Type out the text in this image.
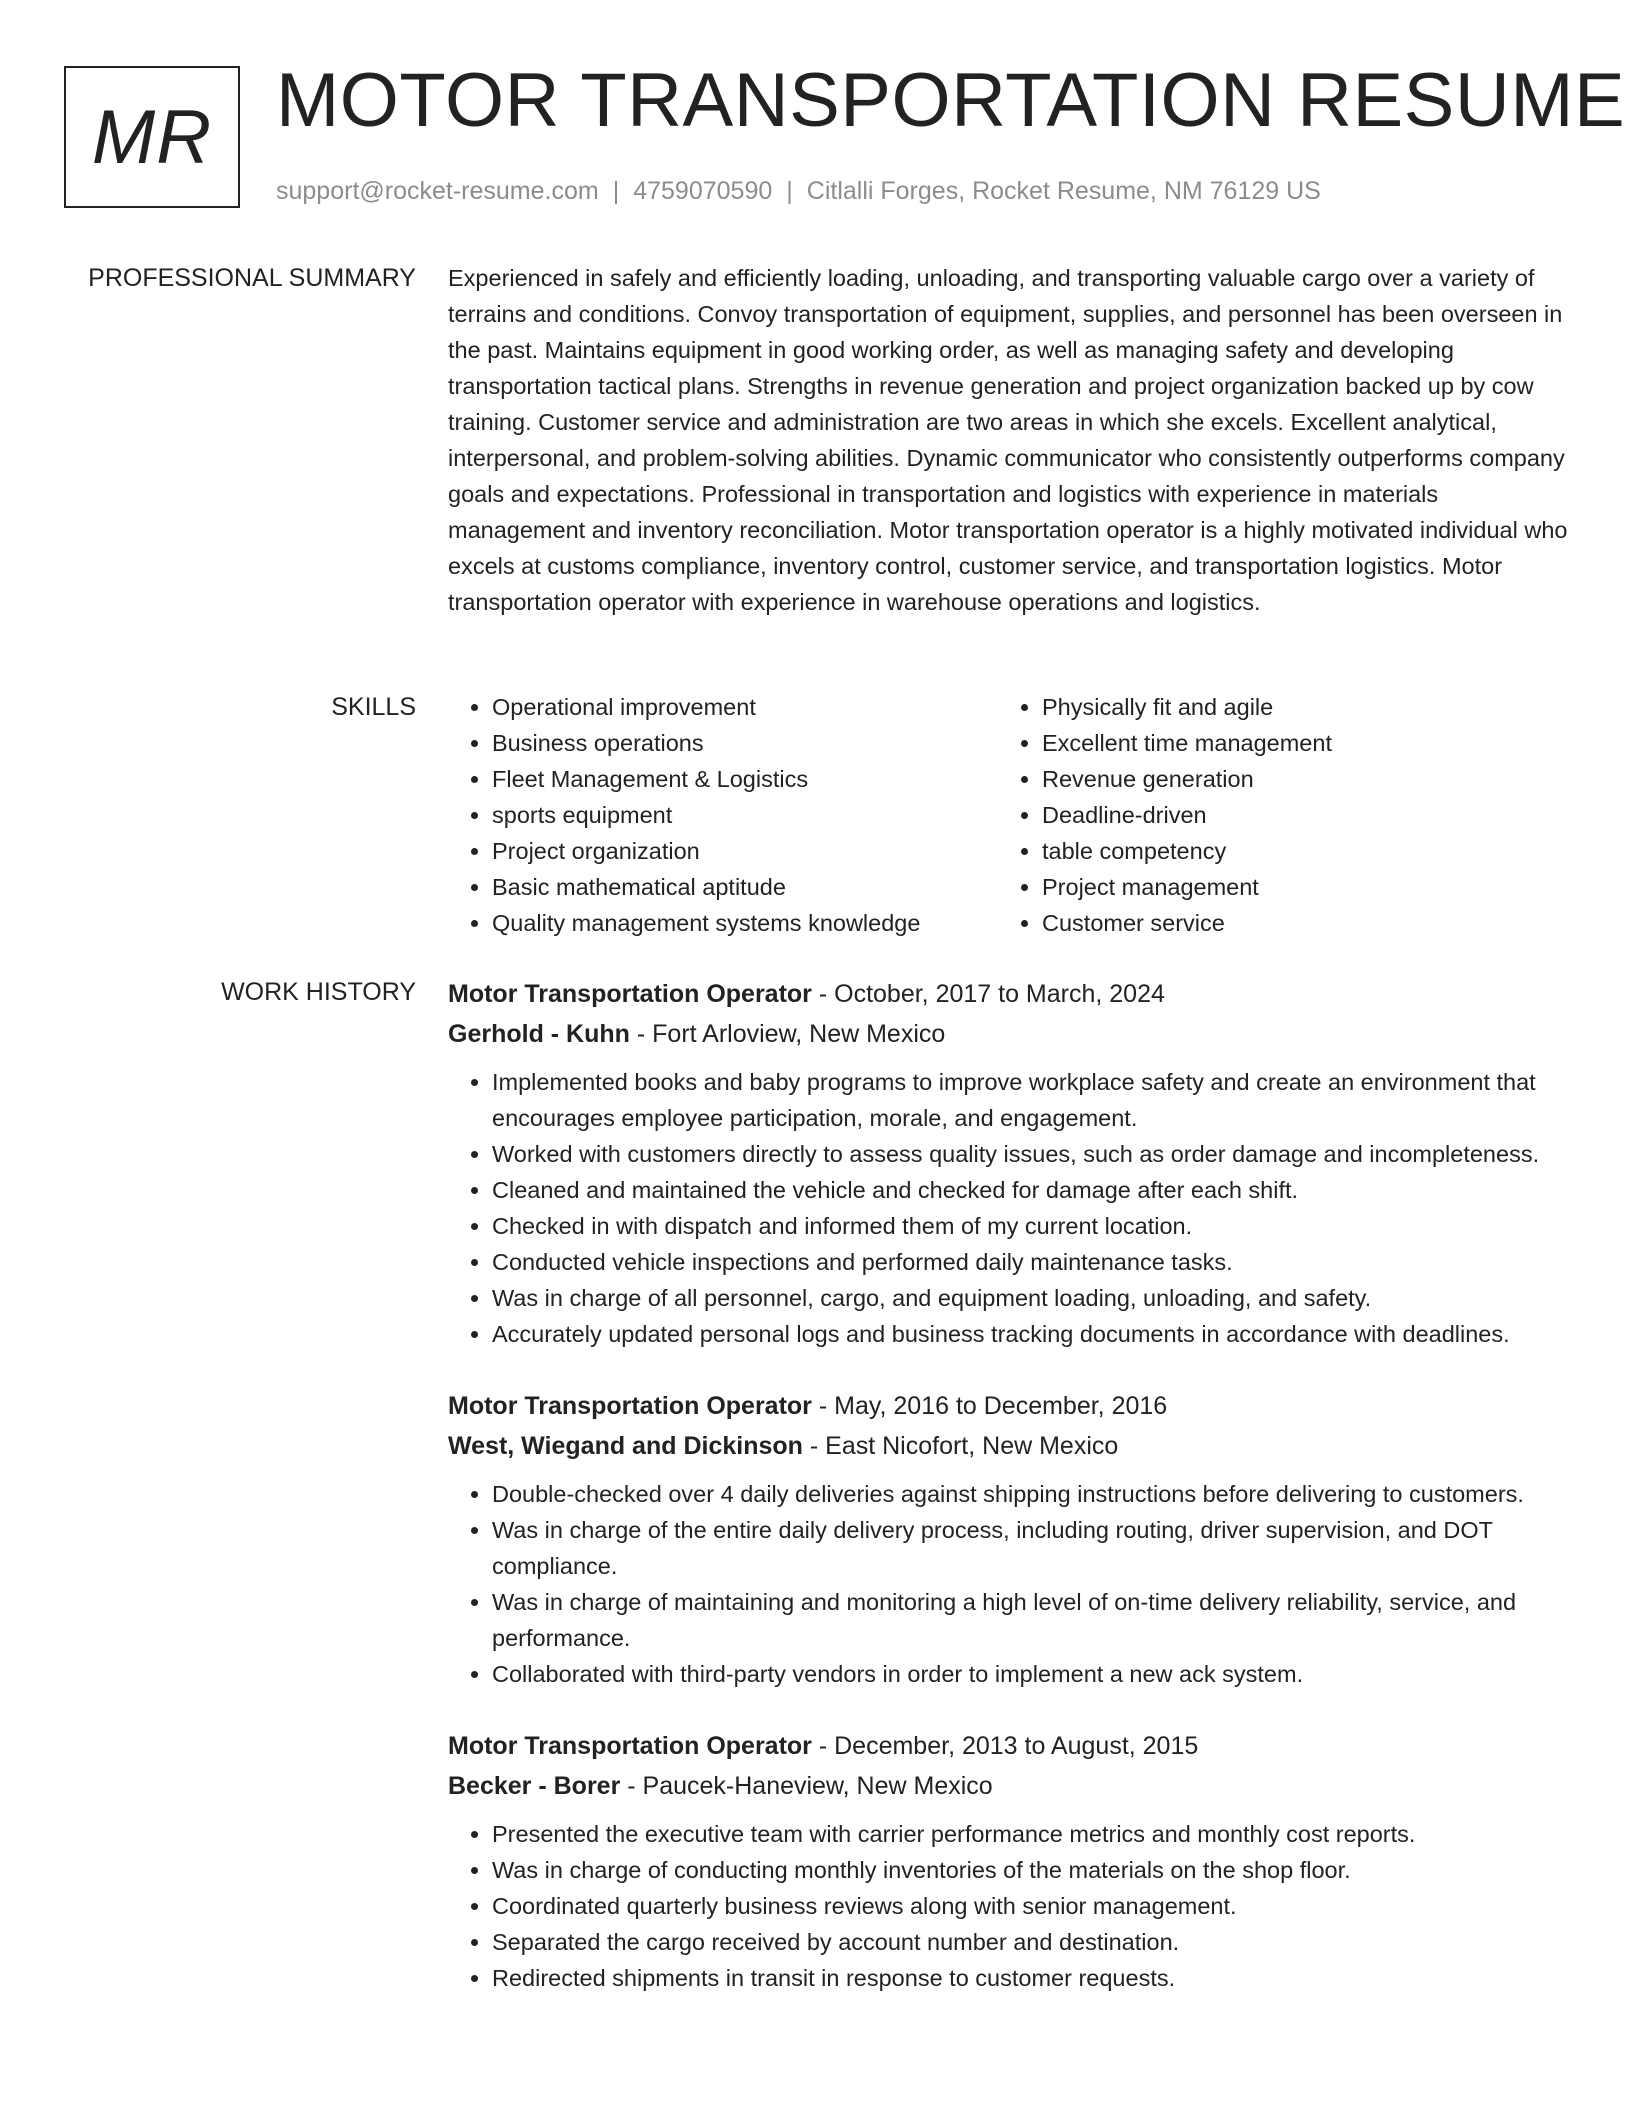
MR MOTOR TRANSPORTATION RESUME
support@rocket-resume.com | 4759070590 | Citlalli Forges, Rocket Resume, NM 76129 US
PROFESSIONAL SUMMARY Experienced in safely and efficiently loading, unloading, and transporting valuable cargo over a variety of terrains and conditions. Convoy transportation of equipment, supplies, and personnel has been overseen in the past. Maintains equipment in good working order, as well as managing safety and developing transportation tactical plans. Strengths in revenue generation and project organization backed up by cow training. Customer service and administration are two areas in which she excels. Excellent analytical, interpersonal, and problem-solving abilities. Dynamic communicator who consistently outperforms company goals and expectations. Professional in transportation and logistics with experience in materials management and inventory reconciliation. Motor transportation operator is a highly motivated individual who excels at customs compliance, inventory control, customer service, and transportation logistics. Motor transportation operator with experience in warehouse operations and logistics.
SKILLS
•	Operational improvement
• Business operations
• Fleet Management & Logistics
• sports equipment
• Project organization
• Basic mathematical aptitude
• Quality management systems knowledge
• Physically fit and agile
• Excellent time management
• Revenue generation
• Deadline-driven
• table competency
• Project management
• Customer service
WORK HISTORY Motor Transportation Operator - October, 2017 to March, 2024
Gerhold - Kuhn - Fort Arloview, New Mexico
• Implemented books and baby programs to improve workplace safety and create an environment that encourages employee participation, morale, and engagement.
• Worked with customers directly to assess quality issues, such as order damage and incompleteness.
• Cleaned and maintained the vehicle and checked for damage after each shift.
• Checked in with dispatch and informed them of my current location.
• Conducted vehicle inspections and performed daily maintenance tasks.
• Was in charge of all personnel, cargo, and equipment loading, unloading, and safety.
• Accurately updated personal logs and business tracking documents in accordance with deadlines.
Motor Transportation Operator - May, 2016 to December, 2016
West, Wiegand and Dickinson - East Nicofort, New Mexico
• Double-checked over 4 daily deliveries against shipping instructions before delivering to customers.
• Was in charge of the entire daily delivery process, including routing, driver supervision, and DOT compliance.
• Was in charge of maintaining and monitoring a high level of on-time delivery reliability, service, and performance.
• Collaborated with third-party vendors in order to implement a new ack system.
Motor Transportation Operator - December, 2013 to August, 2015
Becker - Borer - Paucek-Haneview, New Mexico
• Presented the executive team with carrier performance metrics and monthly cost reports.
• Was in charge of conducting monthly inventories of the materials on the shop floor.
• Coordinated quarterly business reviews along with senior management.
• Separated the cargo received by account number and destination.
• Redirected shipments in transit in response to customer requests.
